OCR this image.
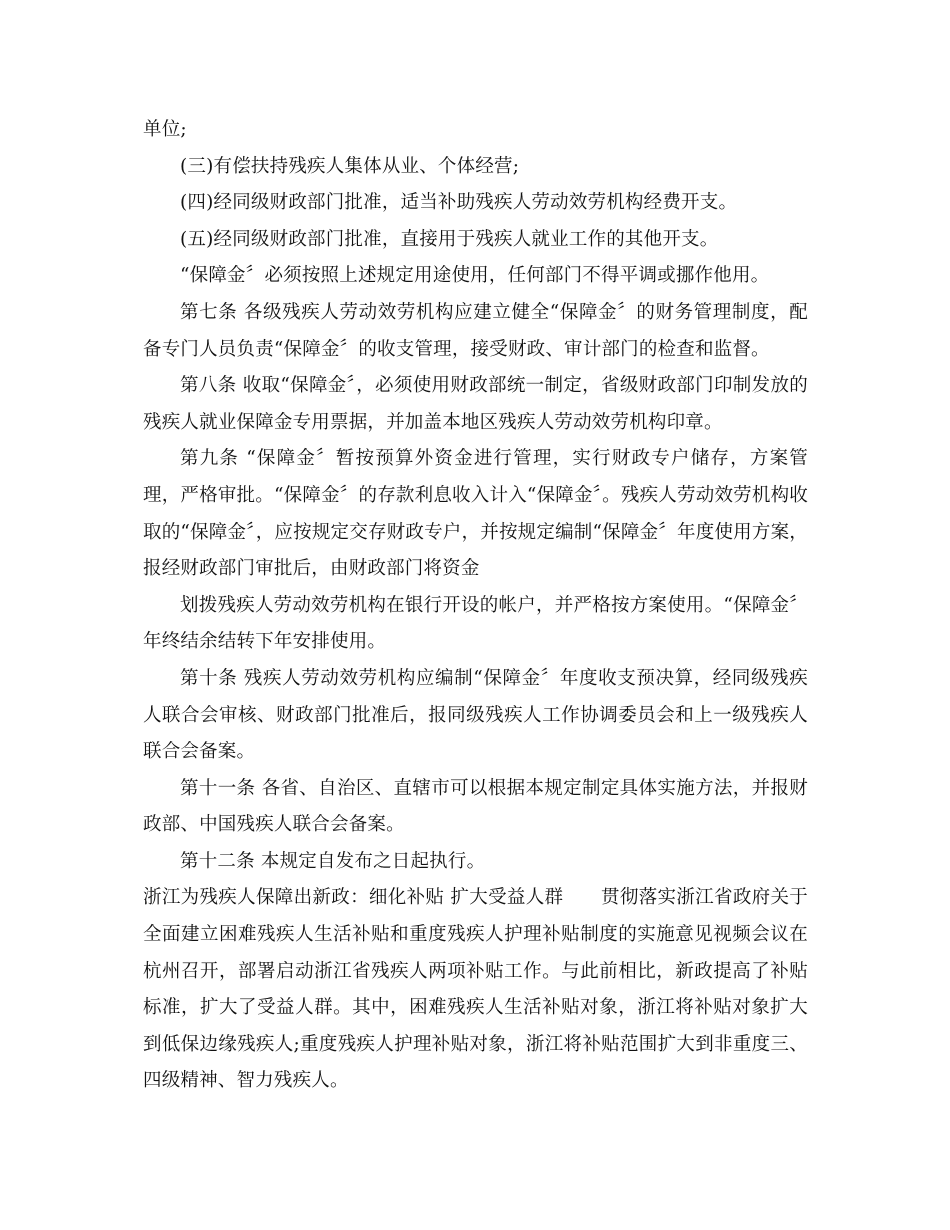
单位;

(三)有偿扶持残疾人集体从业、个体经营;

(四)经同级财政部门批准，适当补助残疾人劳动效劳机构经费开支。

(五)经同级财政部门批准，直接用于残疾人就业工作的其他开支。

“保障金〞必须按照上述规定用途使用，任何部门不得平调或挪作他用。

第七条 各级残疾人劳动效劳机构应建立健全“保障金〞的财务管理制度，配备专门人员负责“保障金〞的收支管理，接受财政、审计部门的检查和监督。

第八条 收取“保障金〞，必须使用财政部统一制定，省级财政部门印制发放的残疾人就业保障金专用票据，并加盖本地区残疾人劳动效劳机构印章。

第九条 “保障金〞暂按预算外资金进行管理，实行财政专户储存，方案管理，严格审批。“保障金〞的存款利息收入计入“保障金〞。残疾人劳动效劳机构收取的“保障金〞，应按规定交存财政专户，并按规定编制“保障金〞年度使用方案，报经财政部门审批后，由财政部门将资金

划拨残疾人劳动效劳机构在银行开设的帐户，并严格按方案使用。“保障金〞年终结余结转下年安排使用。

第十条 残疾人劳动效劳机构应编制“保障金〞年度收支预决算，经同级残疾人联合会审核、财政部门批准后，报同级残疾人工作协调委员会和上一级残疾人联合会备案。

第十一条 各省、自治区、直辖市可以根据本规定制定具体实施方法，并报财政部、中国残疾人联合会备案。

第十二条 本规定自发布之日起执行。

浙江为残疾人保障出新政：细化补贴 扩大受益人群　　 贯彻落实浙江省政府关于全面建立困难残疾人生活补贴和重度残疾人护理补贴制度的实施意见视频会议在杭州召开，部署启动浙江省残疾人两项补贴工作。与此前相比，新政提高了补贴标准，扩大了受益人群。其中，困难残疾人生活补贴对象，浙江将补贴对象扩大到低保边缘残疾人;重度残疾人护理补贴对象，浙江将补贴范围扩大到非重度三、四级精神、智力残疾人。
